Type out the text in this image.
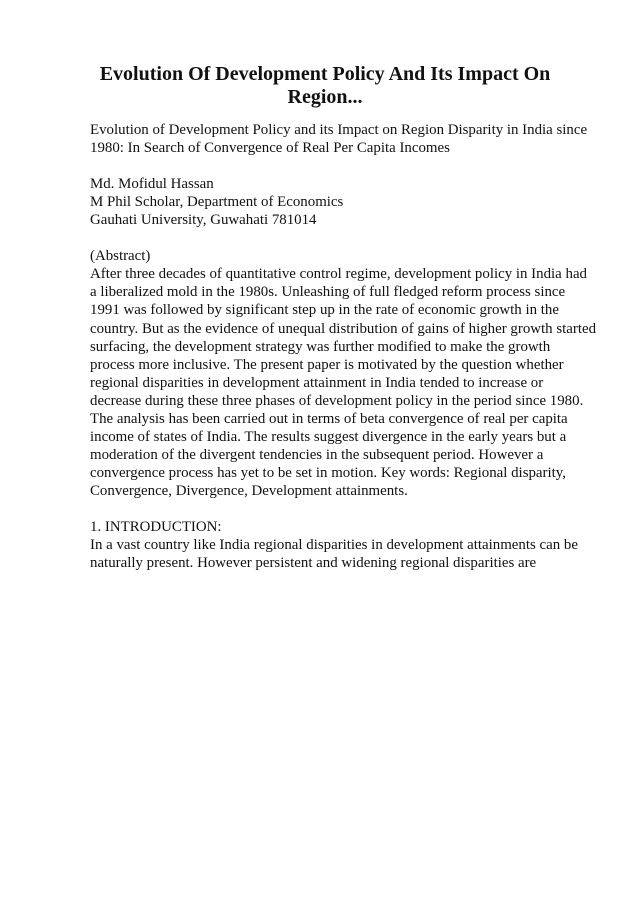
Evolution Of Development Policy And Its Impact On
Region...
Evolution of Development Policy and its Impact on Region Disparity in India since
1980: In Search of Convergence of Real Per Capita Incomes
Md. Mofidul Hassan
M Phil Scholar, Department of Economics
Gauhati University, Guwahati 781014
(Abstract)
After three decades of quantitative control regime, development policy in India had
a liberalized mold in the 1980s. Unleashing of full fledged reform process since
1991 was followed by significant step up in the rate of economic growth in the
country. But as the evidence of unequal distribution of gains of higher growth started
surfacing, the development strategy was further modified to make the growth
process more inclusive. The present paper is motivated by the question whether
regional disparities in development attainment in India tended to increase or
decrease during these three phases of development policy in the period since 1980.
The analysis has been carried out in terms of beta convergence of real per capita
income of states of India. The results suggest divergence in the early years but a
moderation of the divergent tendencies in the subsequent period. However a
convergence process has yet to be set in motion. Key words: Regional disparity,
Convergence, Divergence, Development attainments.
1. INTRODUCTION:
In a vast country like India regional disparities in development attainments can be
naturally present. However persistent and widening regional disparities are
